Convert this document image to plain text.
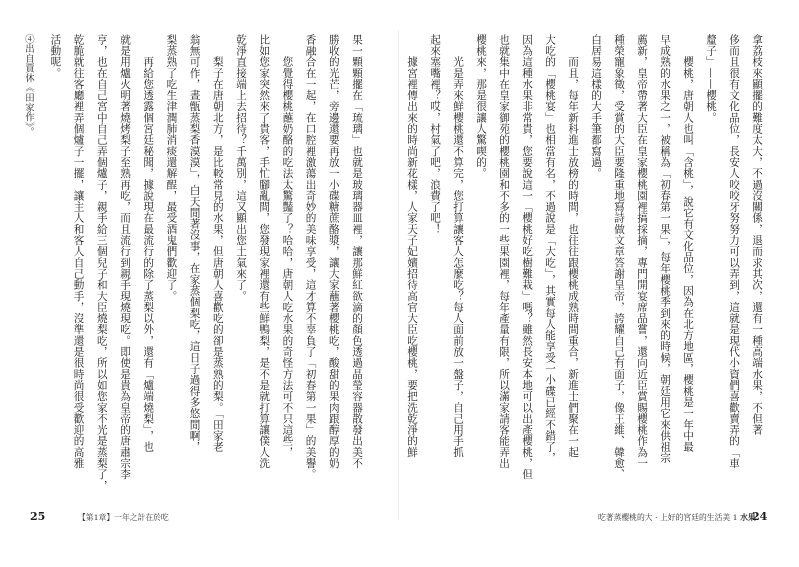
拿荔枝來顯擺的難度太大，不過沒關係，退而求其次，還有一種高端水果，不但著
侈而且很有文化品位，長安人咬咬牙努努力可以弄到，這就是現代小資們喜歡賣弄的「車
釐子」——櫻桃。
　　櫻桃，唐朝人也叫「含桃」，說它有文化品位，因為在北方地區，櫻桃是一年中最
早成熟的水果之一，被稱為「初春第一果」，每年櫻桃季到來的時候，朝廷用它來供祖宗
薦新，皇帝帶著大臣在皇家櫻桃園裡搞採摘，專門開宴席品嘗，還向近臣賞賜櫻桃作為一
種榮寵象徵，受賞的大臣要隆重地寫詩做文章答謝皇帝，誇耀自己有面子，像王維、韓愈、
白居易這樣的大手筆都寫過。
　　而且，每年新科進士放榜的時間，也往往跟櫻桃成熟時間重合，新進士們聚在一起
大吃的「櫻桃宴」也相當有名，不過說是「大吃」，其實每人能享受一小碟已經不錯了，
因為這種水果非常貴，您要說這一「櫻桃好吃樹難栽」嗎？雖然長安本地可以出產櫻桃，但
也就集中在皇家御苑的櫻桃園和不多的一些果園裡，每年產量有限，所以滿家請客能弄出
櫻桃來，那是很讓人驚喫的。
　　光是弄來鮮櫻桃還不算完，您打算讓客人怎麼吃？每人面前放一盤子，自己用手抓
起來塞嘴裡？哎，村氣了吧，浪費了吧！
　　據宮裡傳出來的時尚新花樣，人家天子妃嬪招待高官大臣吃櫻桃，要把洗乾淨的鮮
果一顆顆擺在「琉璃」也就是玻璃器皿裡，讓那鮮紅欲滴的顏色透過晶瑩容器散發出美不
勝收的光芒，旁邊還要再放一小碟糖蔗酪漿，讓大家蘸著櫻桃吃，酸甜的果肉跟醇厚的奶
香融合在一起，在口腔裡激蕩出奇妙的美味享受，這才算不辜負了「初春第一果」的美譽。
　　您覺得櫻桃蘸奶酪的吃法太驚豔了？哈哈，唐朝人吃水果的奇怪方法可不只這些，
比如您家突然來了貴客，手忙腳亂間，您發現家裡還有些鮮鴨梨，是不是就打算讓僕人洗
乾淨直接端上去招待？千萬別，這又顯出您土氣來了。
　　梨子在唐朝北方，是比較常見的水果，但唐朝人喜歡吃的卻是蒸熟的梨。「田家老
翁無可作，晝甑蒸梨香漠漠」，白天閒著沒事，在家蒸個梨吃，這日子過得多悠閒啊，
梨蒸熟了吃生津潤肺消痰還解酲，最受酒鬼們歡迎了。
　　再給您透露個宮廷秘聞，據說現在最流行的除了蒸梨以外，還有「爐端燒梨」，也
就是用爐火明著燒烤梨子至熟再吃，而且流行到親手現燒現吃。即使是貴為皇帝的唐肅宗李
亨，也在自己宮中自己弄個爐子，親手給三個兒子和大臣燒梨吃，所以如您家不光是蒸梨了，
乾脆就往客廳裡弄個爐子一擺，讓主人和客人自己動手，沒準還是很時尚很受歡迎的高雅
活動呢。
④出自賈休《田家作》。
25	【第1章】一年之計在於吃	吃著蒸櫻桃的大 · 上好的宮廷的生活美 1 水果
24
